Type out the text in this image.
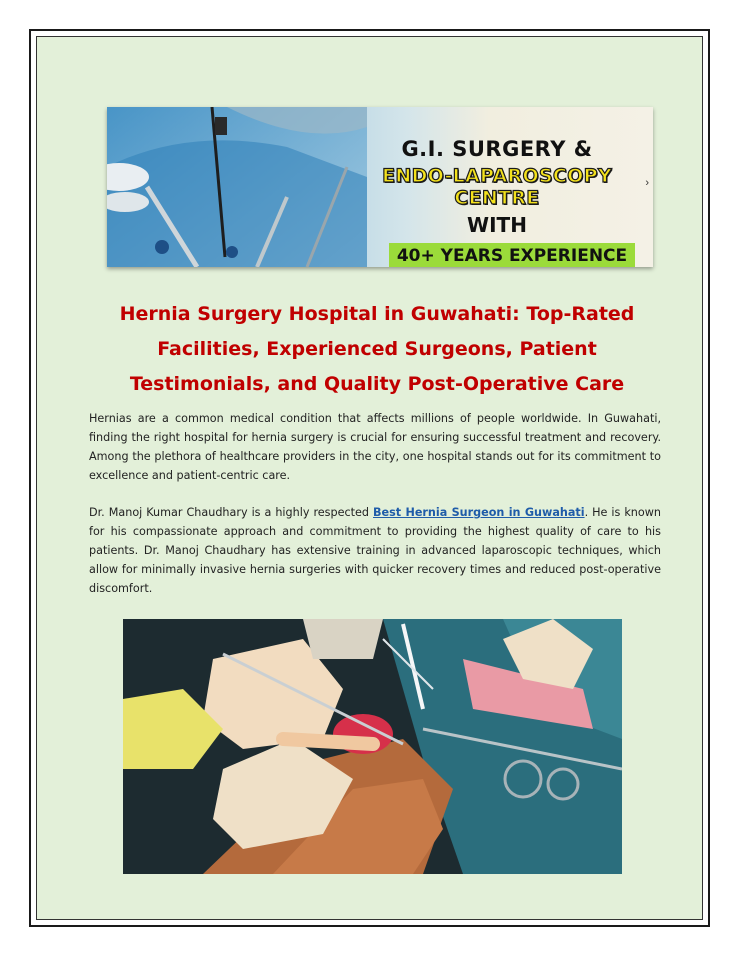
G.I. SURGERY &
ENDO-LAPAROSCOPY CENTRE
WITH
40+ YEARS EXPERIENCE
›
Hernia Surgery Hospital in Guwahati: Top-Rated Facilities, Experienced Surgeons, Patient Testimonials, and Quality Post-Operative Care

Hernias are a common medical condition that affects millions of people worldwide. In Guwahati, finding the right hospital for hernia surgery is crucial for ensuring successful treatment and recovery. Among the plethora of healthcare providers in the city, one hospital stands out for its commitment to excellence and patient-centric care.

Dr. Manoj Kumar Chaudhary is a highly respected Best Hernia Surgeon in Guwahati. He is known for his compassionate approach and commitment to providing the highest quality of care to his patients. Dr. Manoj Chaudhary has extensive training in advanced laparoscopic techniques, which allow for minimally invasive hernia surgeries with quicker recovery times and reduced post-operative discomfort.
